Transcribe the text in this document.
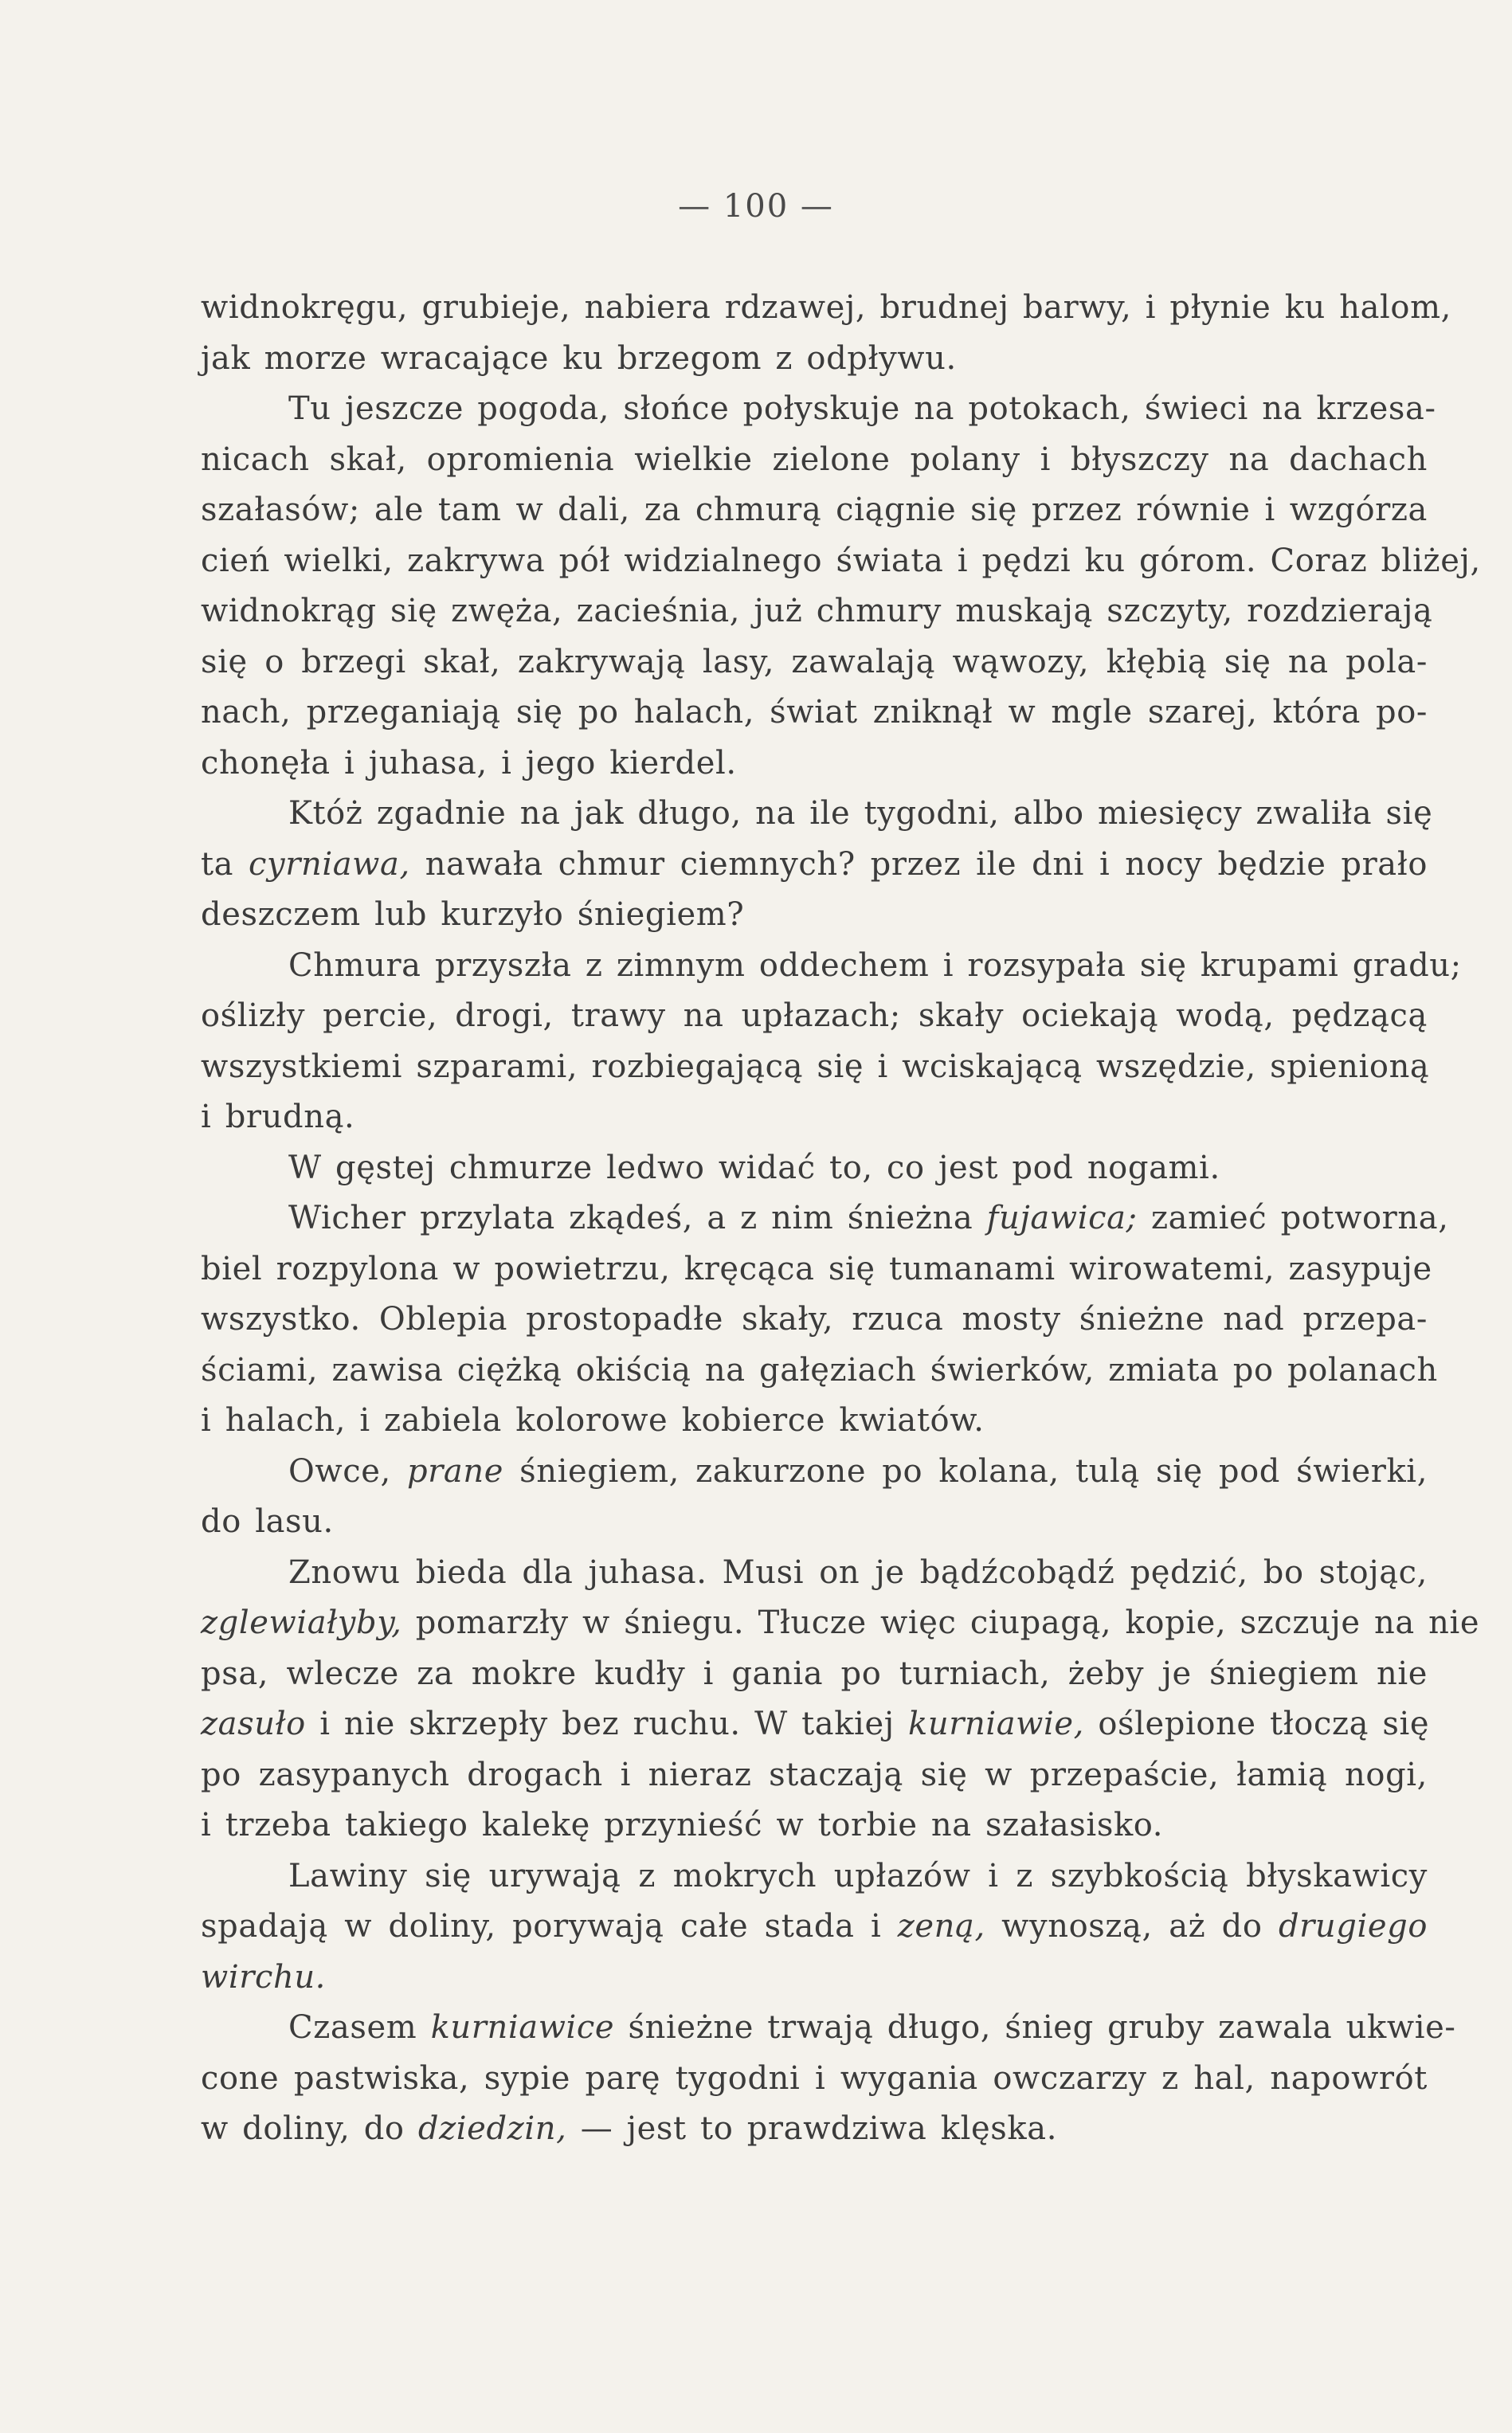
— 100 —
widnokręgu, grubieje, nabiera rdzawej, brudnej barwy, i płynie ku halom,
jak morze wracające ku brzegom z odpływu.
Tu jeszcze pogoda, słońce połyskuje na potokach, świeci na krzesa-
nicach skał, opromienia wielkie zielone polany i błyszczy na dachach
szałasów; ale tam w dali, za chmurą ciągnie się przez równie i wzgórza
cień wielki, zakrywa pół widzialnego świata i pędzi ku górom. Coraz bliżej,
widnokrąg się zwęża, zacieśnia, już chmury muskają szczyty, rozdzierają
się o brzegi skał, zakrywają lasy, zawalają wąwozy, kłębią się na pola-
nach, przeganiają się po halach, świat zniknął w mgle szarej, która po-
chonęła i juhasa, i jego kierdel.
Któż zgadnie na jak długo, na ile tygodni, albo miesięcy zwaliła się
ta cyrniawa, nawała chmur ciemnych? przez ile dni i nocy będzie prało
deszczem lub kurzyło śniegiem?
Chmura przyszła z zimnym oddechem i rozsypała się krupami gradu;
oślizły percie, drogi, trawy na upłazach; skały ociekają wodą, pędzącą
wszystkiemi szparami, rozbiegającą się i wciskającą wszędzie, spienioną
i brudną.
W gęstej chmurze ledwo widać to, co jest pod nogami.
Wicher przylata zkądeś, a z nim śnieżna fujawica; zamieć potworna,
biel rozpylona w powietrzu, kręcąca się tumanami wirowatemi, zasypuje
wszystko. Oblepia prostopadłe skały, rzuca mosty śnieżne nad przepa-
ściami, zawisa ciężką okiścią na gałęziach świerków, zmiata po polanach
i halach, i zabiela kolorowe kobierce kwiatów.
Owce, prane śniegiem, zakurzone po kolana, tulą się pod świerki,
do lasu.
Znowu bieda dla juhasa. Musi on je bądźcobądź pędzić, bo stojąc,
zglewiałyby, pomarzły w śniegu. Tłucze więc ciupagą, kopie, szczuje na nie
psa, wlecze za mokre kudły i gania po turniach, żeby je śniegiem nie
zasuło i nie skrzepły bez ruchu. W takiej kurniawie, oślepione tłoczą się
po zasypanych drogach i nieraz staczają się w przepaście, łamią nogi,
i trzeba takiego kalekę przynieść w torbie na szałasisko.
Lawiny się urywają z mokrych upłazów i z szybkością błyskawicy
spadają w doliny, porywają całe stada i zeną, wynoszą, aż do drugiego
wirchu.
Czasem kurniawice śnieżne trwają długo, śnieg gruby zawala ukwie-
cone pastwiska, sypie parę tygodni i wygania owczarzy z hal, napowrót
w doliny, do dziedzin, — jest to prawdziwa klęska.
